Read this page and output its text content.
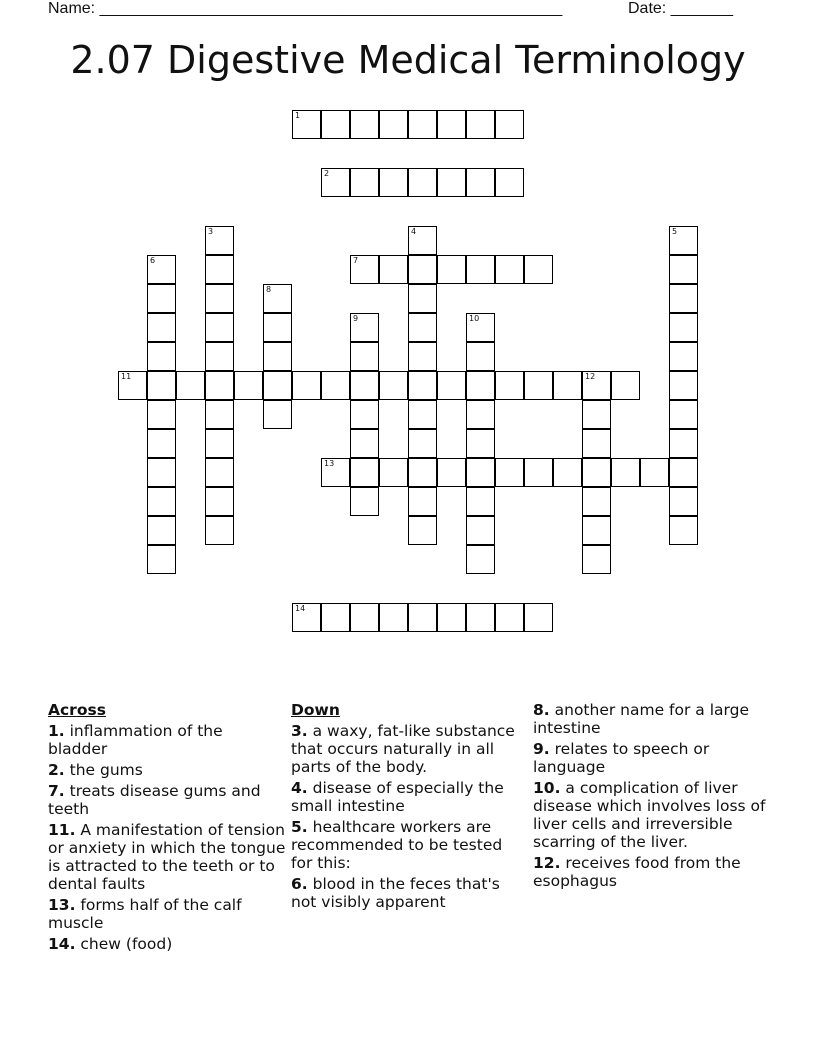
Name: ____________________________________________________	Date: _______
2.07 Digestive Medical Terminology
1
2
3	4	5
6	7
8
9	10
11	12
13
14
Across
1. inflammation of the bladder
2. the gums
7. treats disease gums and teeth
11. A manifestation of tension or anxiety in which the tongue is attracted to the teeth or to dental faults
13. forms half of the calf muscle
14. chew (food)
Down
3. a waxy, fat-like substance that occurs naturally in all parts of the body.
4. disease of especially the small intestine
5. healthcare workers are recommended to be tested for this:
6. blood in the feces that's not visibly apparent
8. another name for a large intestine
9. relates to speech or language
10. a complication of liver disease which involves loss of liver cells and irreversible scarring of the liver.
12. receives food from the esophagus
